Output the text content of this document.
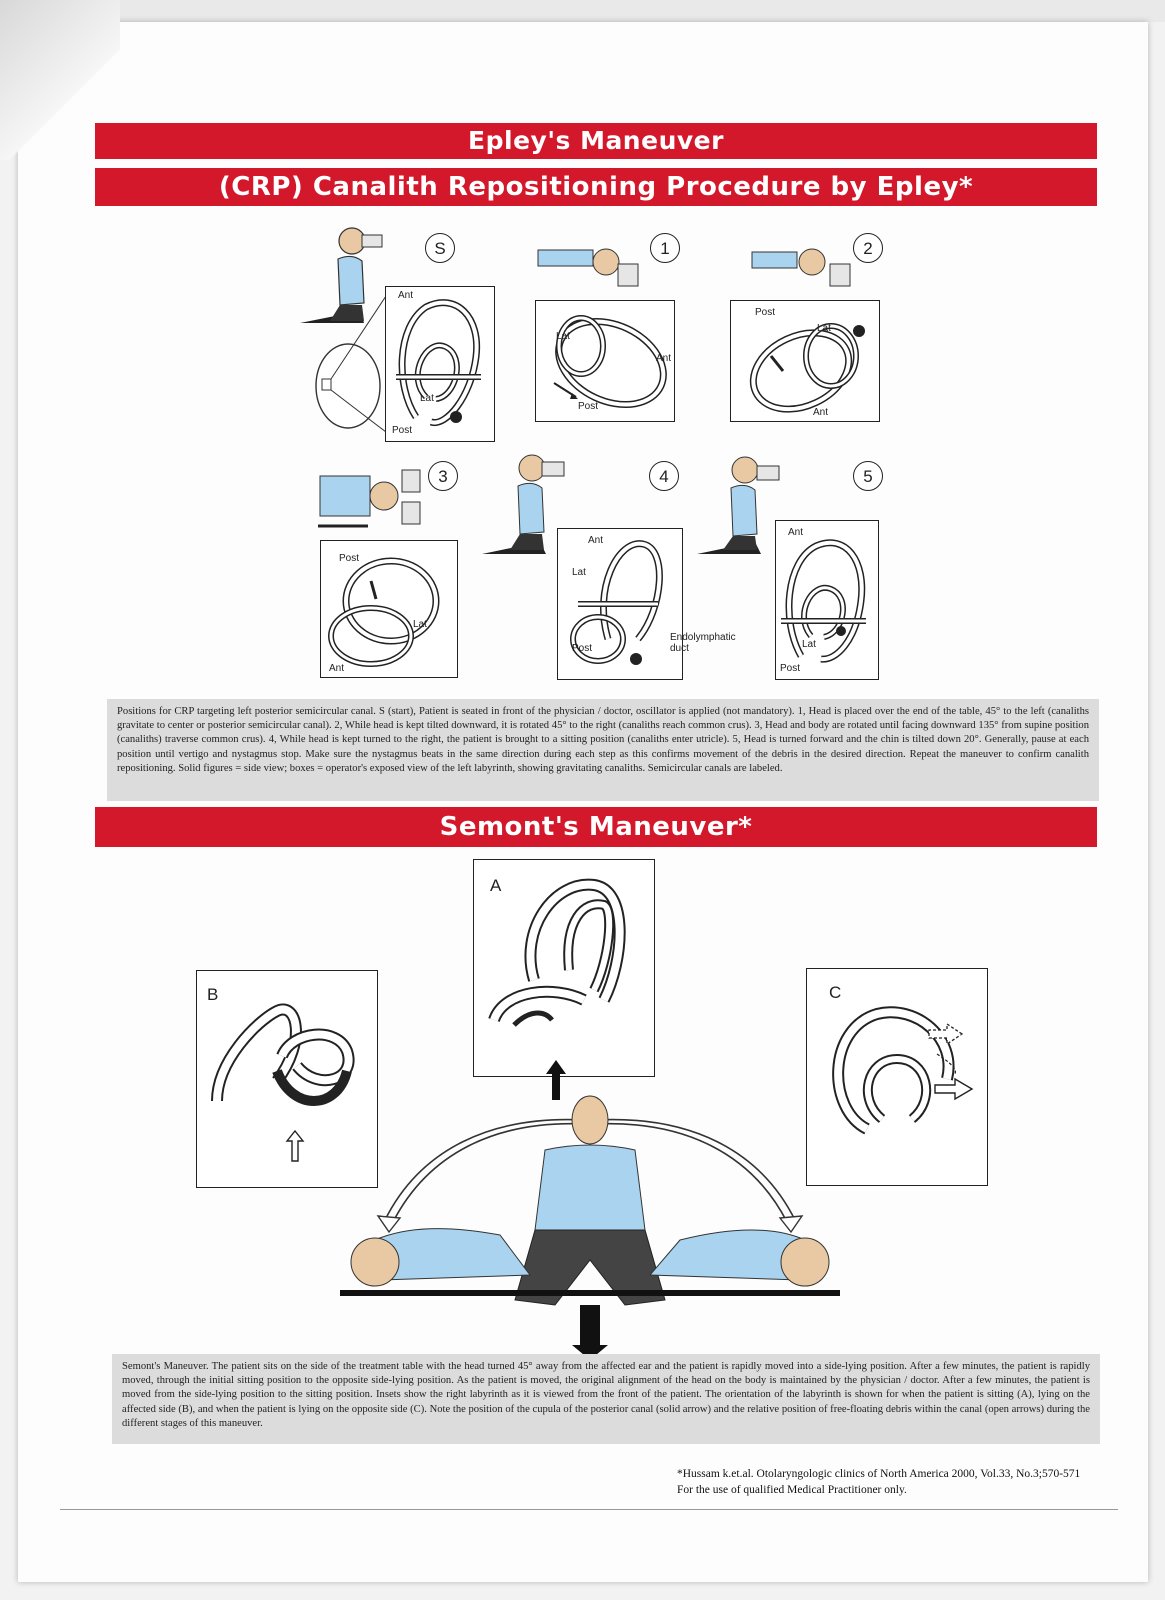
Epley's Maneuver
(CRP) Canalith Repositioning Procedure by Epley*
S
Ant
Lat
Post
1
Lat
Ant
Post
2
Post
Lat
Ant
3
Post
Lat
Ant
4
Ant
Lat
Post
Endolymphatic duct
5
Ant
Lat
Post
Positions for CRP targeting left posterior semicircular canal. S (start), Patient is seated in front of the physician / doctor, oscillator is applied (not mandatory). 1, Head is placed over the end of the table, 45° to the left (canaliths gravitate to center or posterior semicircular canal). 2, While head is kept tilted downward, it is rotated 45° to the right (canaliths reach common crus). 3, Head and body are rotated until facing downward 135° from supine position (canaliths) traverse common crus). 4, While head is kept turned to the right, the patient is brought to a sitting position (canaliths enter utricle). 5, Head is turned forward and the chin is tilted down 20°. Generally, pause at each position until vertigo and nystagmus stop. Make sure the nystagmus beats in the same direction during each step as this confirms movement of the debris in the desired direction. Repeat the maneuver to confirm canalith repositioning. Solid figures = side view; boxes = operator's exposed view of the left labyrinth, showing gravitating canaliths. Semicircular canals are labeled.
Semont's Maneuver*
A
B	C
Semont's Maneuver. The patient sits on the side of the treatment table with the head turned 45° away from the affected ear and the patient is rapidly moved into a side-lying position. After a few minutes, the patient is rapidly moved, through the initial sitting position to the opposite side-lying position. As the patient is moved, the original alignment of the head on the body is maintained by the physician / doctor. After a few minutes, the patient is moved from the side-lying position to the sitting position. Insets show the right labyrinth as it is viewed from the front of the patient. The orientation of the labyrinth is shown for when the patient is sitting (A), lying on the affected side (B), and when the patient is lying on the opposite side (C). Note the position of the cupula of the posterior canal (solid arrow) and the relative position of free-floating debris within the canal (open arrows) during the different stages of this maneuver.
*Hussam k.et.al. Otolaryngologic clinics of North America 2000, Vol.33, No.3;570-571
For the use of qualified Medical Practitioner only.
